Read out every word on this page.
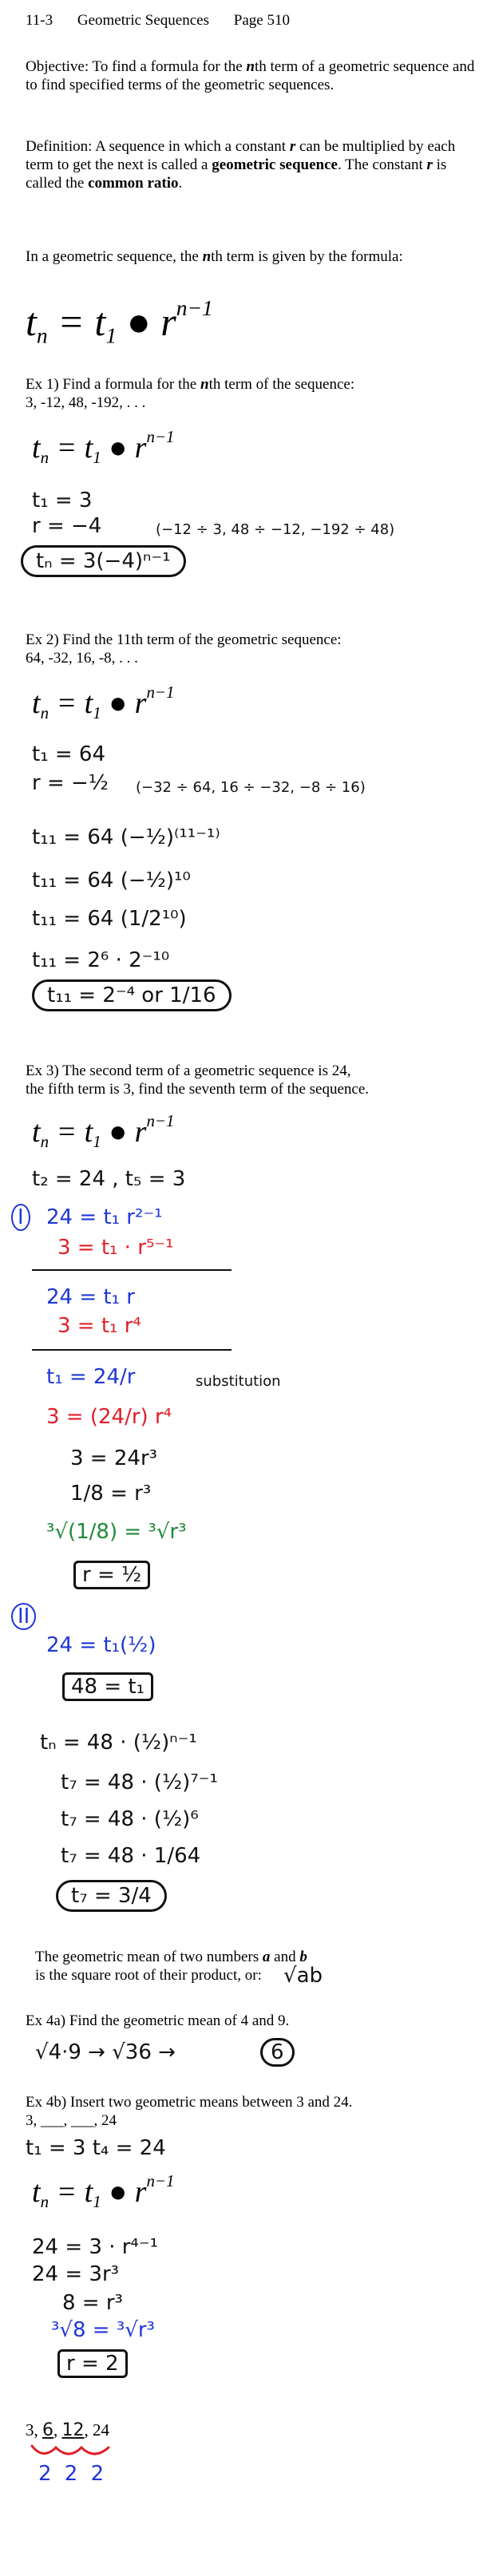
11-3 Geometric Sequences Page 510

Objective: To find a formula for the nth term of a geometric sequence and to find specified terms of the geometric sequences.

Definition: A sequence in which a constant r can be multiplied by each term to get the next is called a geometric sequence. The constant r is called the common ratio.

In a geometric sequence, the nth term is given by the formula:

$t_n = t_1$ ● $r^{n-1}$

Ex 1) Find a formula for the nth term of the sequence:
3, -12, 48, -192, . . .

$t_n = t_1$ ● $r^{n-1}$
t₁ = 3
r = −4	(−12 ÷ 3, 48 ÷ −12, −192 ÷ 48)
tₙ = 3(−4)ⁿ⁻¹

Ex 2) Find the 11th term of the geometric sequence:
64, -32, 16, -8, . . .

$t_n = t_1$ ● $r^{n-1}$
t₁ = 64
r = −½ (−32 ÷ 64, 16 ÷ −32, −8 ÷ 16)
t₁₁ = 64 (−½)⁽¹¹⁻¹⁾
t₁₁ = 64 (−½)¹⁰
t₁₁ = 64 (1/2¹⁰)
t₁₁ = 2⁶ · 2⁻¹⁰
t₁₁ = 2⁻⁴ or 1/16

Ex 3) The second term of a geometric sequence is 24,
the fifth term is 3, find the seventh term of the sequence.

$t_n = t_1$ ● $r^{n-1}$
t₂ = 24 , t₅ = 3
I	24 = t₁ r²⁻¹
3 = t₁ · r⁵⁻¹
24 = t₁ r
3 = t₁ r⁴
t₁ = 24/r	substitution
3 = (24/r) r⁴
3 = 24r³
1/8 = r³
³√(1/8) = ³√r³
r = ½
II
24 = t₁(½)
48 = t₁
tₙ = 48 · (½)ⁿ⁻¹
t₇ = 48 · (½)⁷⁻¹
t₇ = 48 · (½)⁶
t₇ = 48 · 1/64
t₇ = 3/4

The geometric mean of two numbers a and b
is the square root of their product, or:	√ab

Ex 4a) Find the geometric mean of 4 and 9.

√4·9 → √36 →	6

Ex 4b) Insert two geometric means between 3 and 24.
3, ___, ___, 24

t₁ = 3 t₄ = 24
$t_n = t_1$ ● $r^{n-1}$
24 = 3 · r⁴⁻¹
24 = 3r³
8 = r³
³√8 = ³√r³
r = 2
3, 6, 12, 24
2 2 2
